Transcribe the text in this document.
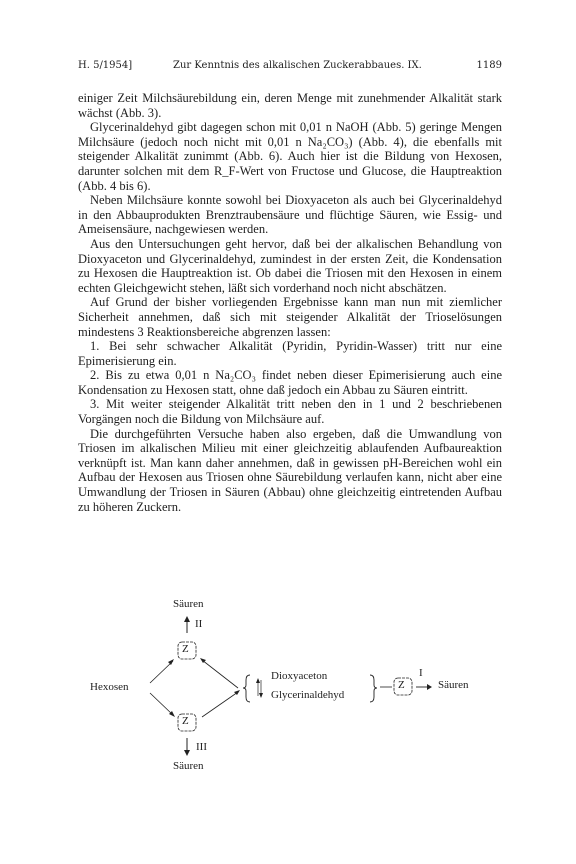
H. 5/1954]	Zur Kenntnis des alkalischen Zuckerabbaues. IX.	1189

einiger Zeit Milchsäurebildung ein, deren Menge mit zunehmender Alkalität stark wächst (Abb. 3).

Glycerinaldehyd gibt dagegen schon mit 0,01 n NaOH (Abb. 5) geringe Mengen Milchsäure (jedoch noch nicht mit 0,01 n Na₂CO₃) (Abb. 4), die ebenfalls mit steigender Alkalität zunimmt (Abb. 6). Auch hier ist die Bildung von Hexosen, darunter solchen mit dem R_F-Wert von Fructose und Glucose, die Hauptreaktion (Abb. 4 bis 6).

Neben Milchsäure konnte sowohl bei Dioxyaceton als auch bei Glycerinaldehyd in den Abbauprodukten Brenztraubensäure und flüchtige Säuren, wie Essig- und Ameisensäure, nachgewiesen werden.

Aus den Untersuchungen geht hervor, daß bei der alkalischen Behandlung von Dioxyaceton und Glycerinaldehyd, zumindest in der ersten Zeit, die Kondensation zu Hexosen die Hauptreaktion ist. Ob dabei die Triosen mit den Hexosen in einem echten Gleichgewicht stehen, läßt sich vorderhand noch nicht abschätzen.

Auf Grund der bisher vorliegenden Ergebnisse kann man nun mit ziemlicher Sicherheit annehmen, daß sich mit steigender Alkalität der Trioselösungen mindestens 3 Reaktionsbereiche abgrenzen lassen:

1. Bei sehr schwacher Alkalität (Pyridin, Pyridin-Wasser) tritt nur eine Epimerisierung ein.

2. Bis zu etwa 0,01 n Na₂CO₃ findet neben dieser Epimerisierung auch eine Kondensation zu Hexosen statt, ohne daß jedoch ein Abbau zu Säuren eintritt.

3. Mit weiter steigender Alkalität tritt neben den in 1 und 2 beschriebenen Vorgängen noch die Bildung von Milchsäure auf.

Die durchgeführten Versuche haben also ergeben, daß die Umwandlung von Triosen im alkalischen Milieu mit einer gleichzeitig ablaufenden Aufbaureaktion verknüpft ist. Man kann daher annehmen, daß in gewissen pH-Bereichen wohl ein Aufbau der Hexosen aus Triosen ohne Säurebildung verlaufen kann, nicht aber eine Umwandlung der Triosen in Säuren (Abbau) ohne gleichzeitig eintretenden Aufbau zu höheren Zuckern.

Säuren
II
Z
Hexosen
Dioxyaceton
Glycerinaldehyd
Z
I
Säuren
Z
III
Säuren
